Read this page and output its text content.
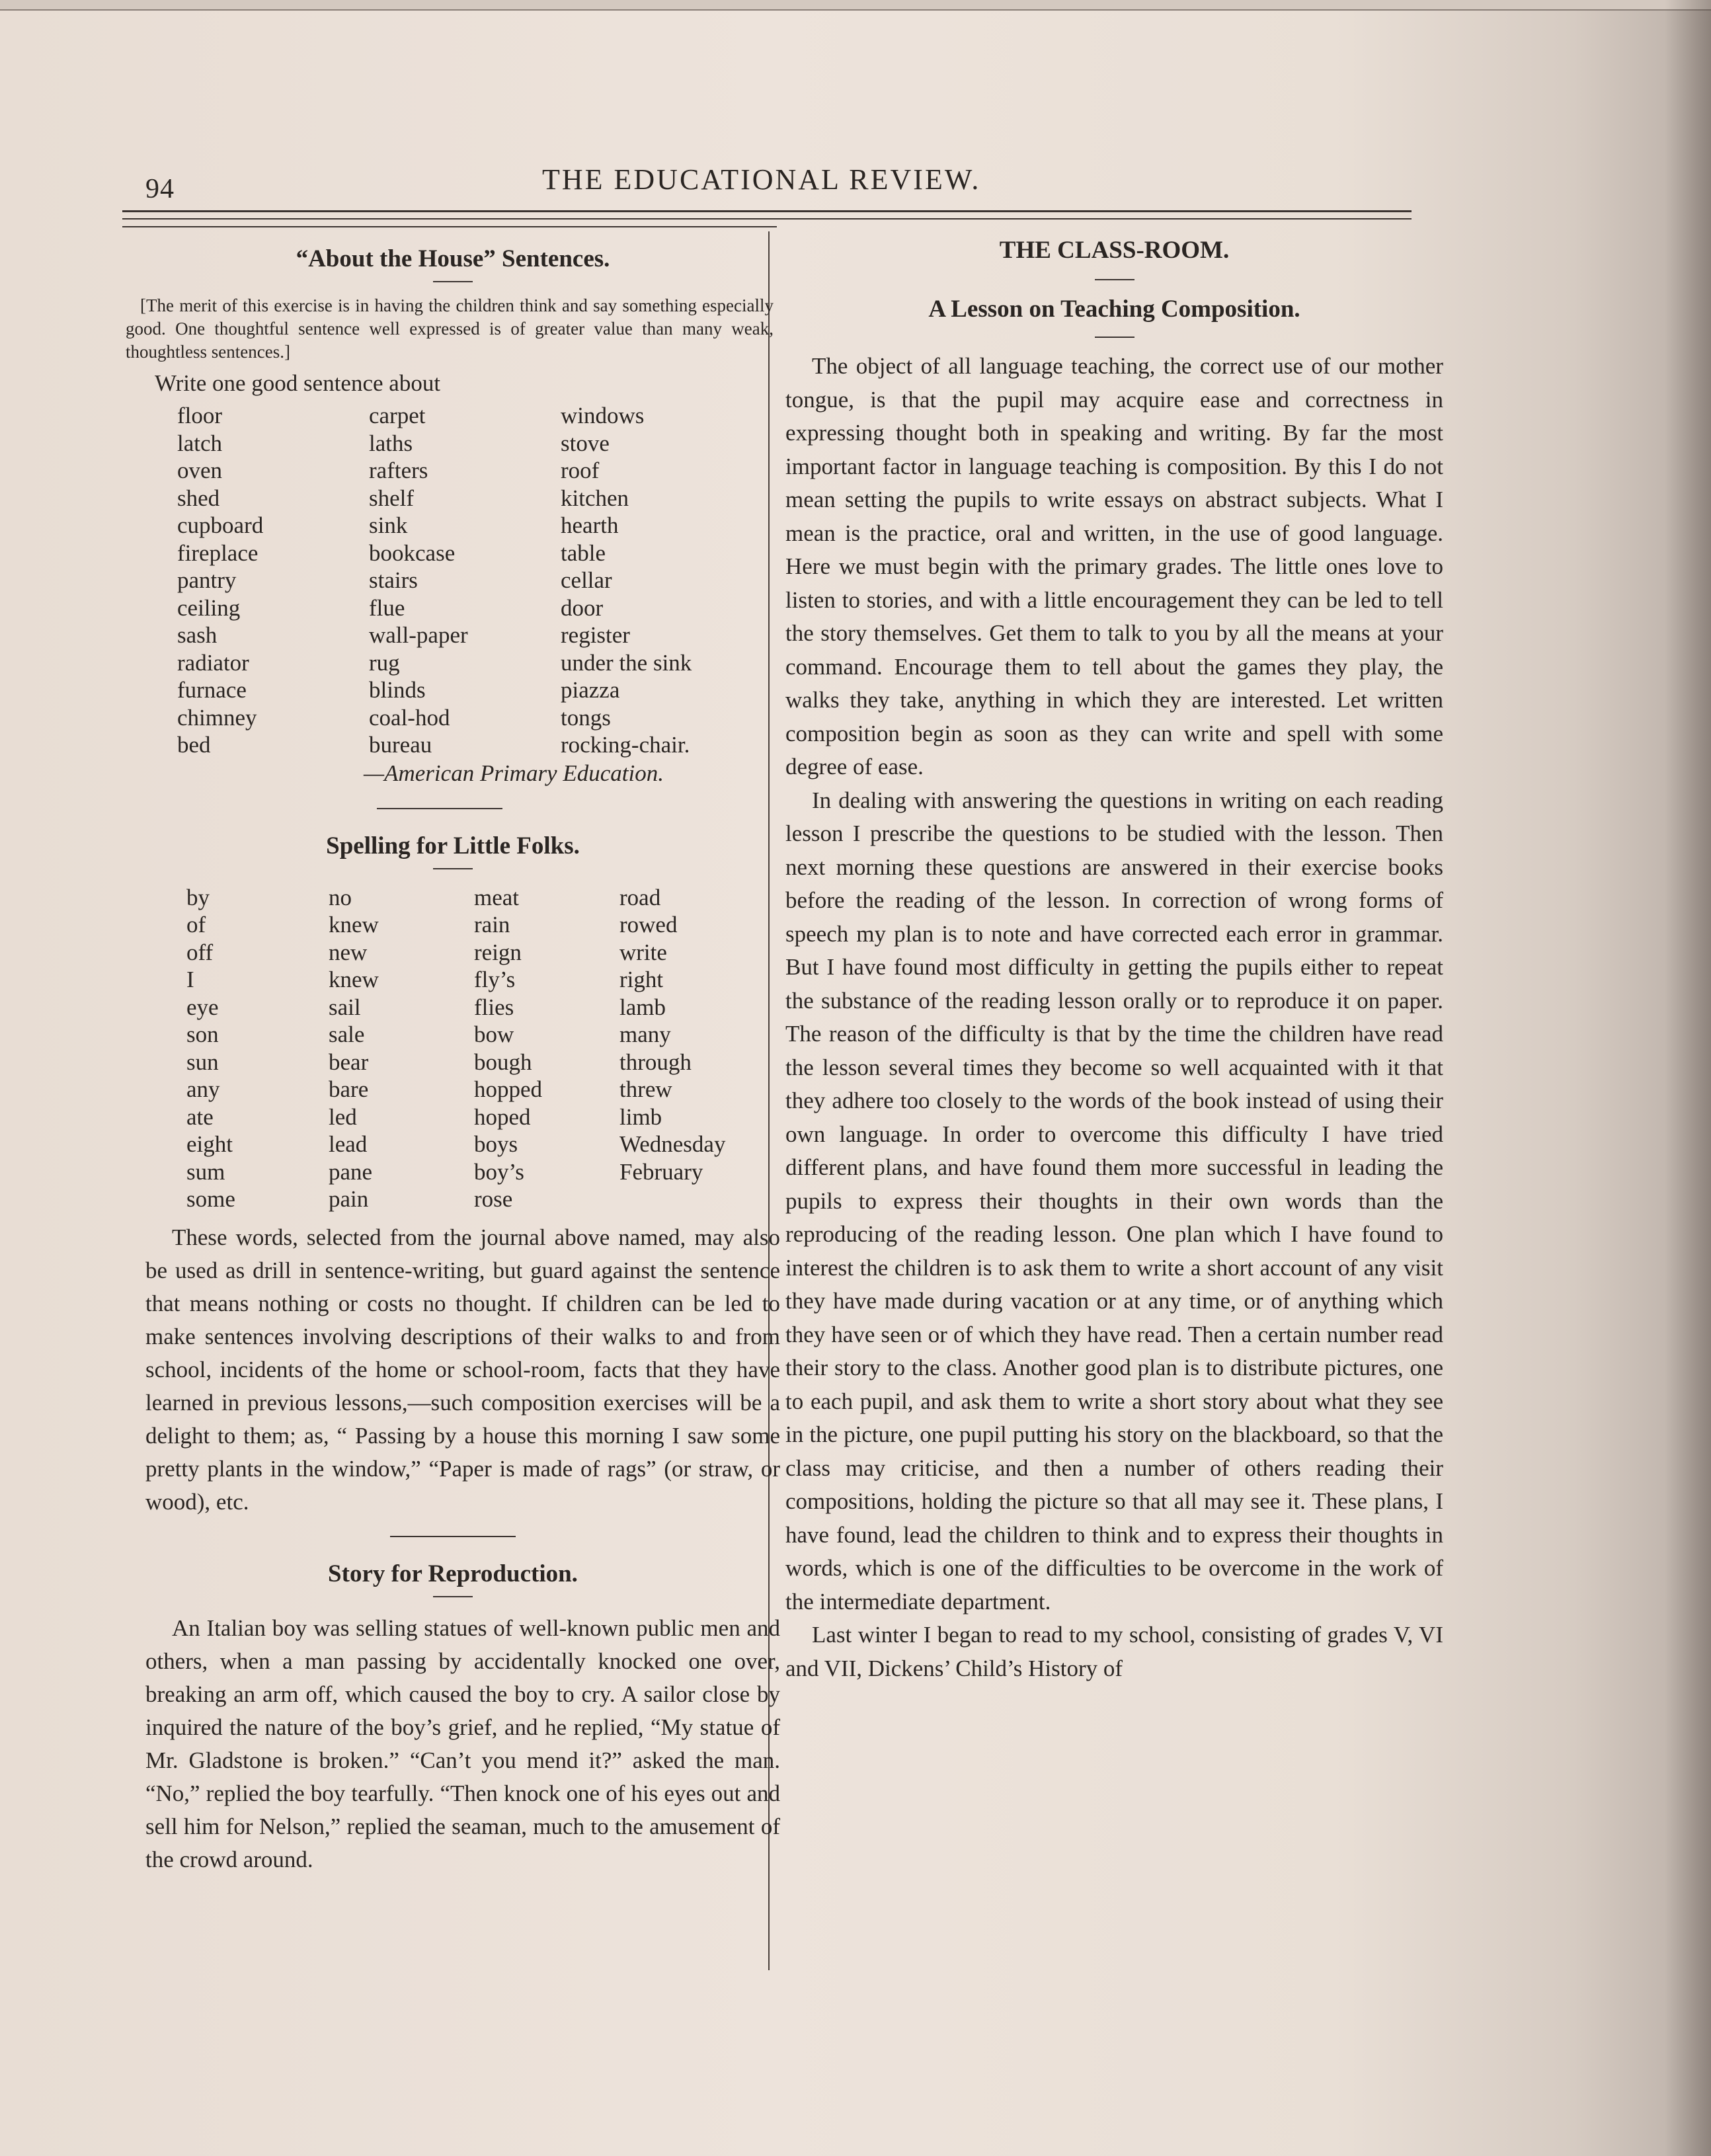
94	THE EDUCATIONAL REVIEW.
“About the House” Sentences.

[The merit of this exercise is in having the children think and say something especially good. One thoughtful sentence well expressed is of greater value than many weak, thoughtless sentences.]

Write one good sentence about
floor
latch
oven
shed
cupboard
fireplace
pantry
ceiling
sash
radiator
furnace
chimney
bed
carpet
laths
rafters
shelf
sink
bookcase
stairs
flue
wall-paper
rug
blinds
coal-hod
bureau
windows
stove
roof
kitchen
hearth
table
cellar
door
register
under the sink
piazza
tongs
rocking-chair.
—American Primary Education.
Spelling for Little Folks.
by
of
off
I
eye
son
sun
any
ate
eight
sum
some
no
knew
new
knew
sail
sale
bear
bare
led
lead
pane
pain
meat
rain
reign
fly’s
flies
bow
bough
hopped
hoped
boys
boy’s
rose
road
rowed
write
right
lamb
many
through
threw
limb
Wednesday
February

These words, selected from the journal above named, may also be used as drill in sentence-writing, but guard against the sentence that means nothing or costs no thought. If children can be led to make sentences involving descriptions of their walks to and from school, incidents of the home or school-room, facts that they have learned in previous lessons,—such composition exercises will be a delight to them; as, “ Passing by a house this morning I saw some pretty plants in the window,” “Paper is made of rags” (or straw, or wood), etc.

Story for Reproduction.

An Italian boy was selling statues of well-known public men and others, when a man passing by accidentally knocked one over, breaking an arm off, which caused the boy to cry. A sailor close by inquired the nature of the boy’s grief, and he replied, “My statue of Mr. Gladstone is broken.” “Can’t you mend it?” asked the man. “No,” replied the boy tearfully. “Then knock one of his eyes out and sell him for Nelson,” replied the seaman, much to the amusement of the crowd around.

THE CLASS-ROOM.
A Lesson on Teaching Composition.

The object of all language teaching, the correct use of our mother tongue, is that the pupil may acquire ease and correctness in expressing thought both in speaking and writing. By far the most important factor in language teaching is composition. By this I do not mean setting the pupils to write essays on abstract subjects. What I mean is the practice, oral and written, in the use of good language. Here we must begin with the primary grades. The little ones love to listen to stories, and with a little encouragement they can be led to tell the story themselves. Get them to talk to you by all the means at your command. Encourage them to tell about the games they play, the walks they take, anything in which they are interested. Let written composition begin as soon as they can write and spell with some degree of ease.

In dealing with answering the questions in writing on each reading lesson I prescribe the questions to be studied with the lesson. Then next morning these questions are answered in their exercise books before the reading of the lesson. In correction of wrong forms of speech my plan is to note and have corrected each error in grammar. But I have found most difficulty in getting the pupils either to repeat the substance of the reading lesson orally or to reproduce it on paper. The reason of the difficulty is that by the time the children have read the lesson several times they become so well acquainted with it that they adhere too closely to the words of the book instead of using their own language. In order to overcome this difficulty I have tried different plans, and have found them more successful in leading the pupils to express their thoughts in their own words than the reproducing of the reading lesson. One plan which I have found to interest the children is to ask them to write a short account of any visit they have made during vacation or at any time, or of anything which they have seen or of which they have read. Then a certain number read their story to the class. Another good plan is to distribute pictures, one to each pupil, and ask them to write a short story about what they see in the picture, one pupil putting his story on the blackboard, so that the class may criticise, and then a number of others reading their compositions, holding the picture so that all may see it. These plans, I have found, lead the children to think and to express their thoughts in words, which is one of the difficulties to be overcome in the work of the intermediate department.

Last winter I began to read to my school, consisting of grades V, VI and VII, Dickens’ Child’s History of
